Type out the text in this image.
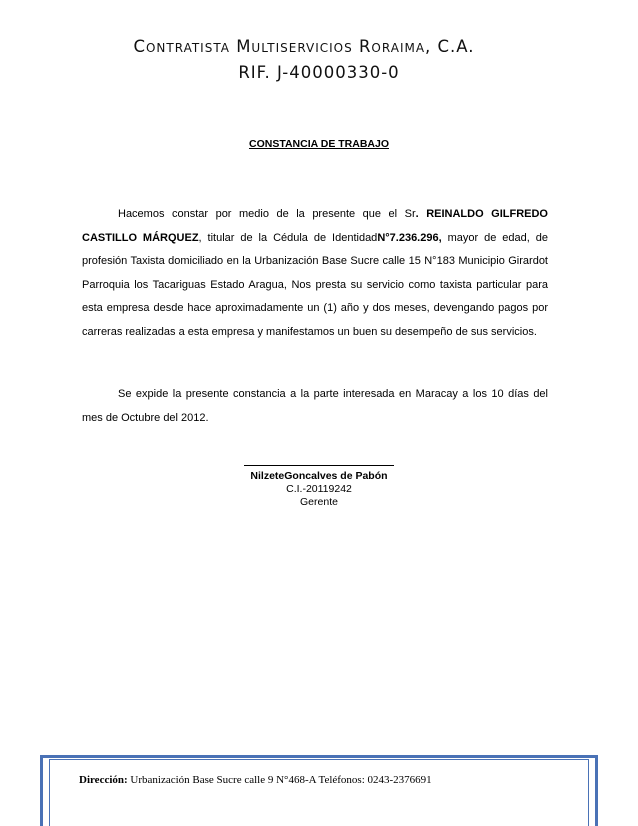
Contratista Multiservicios Roraima, C.A.
RIF. J-40000330-0
CONSTANCIA DE TRABAJO
Hacemos constar por medio de la presente que el Sr. REINALDO GILFREDO CASTILLO MÁRQUEZ, titular de la Cédula de IdentidadN°7.236.296, mayor de edad, de profesión Taxista domiciliado en la Urbanización Base Sucre calle 15 N°183 Municipio Girardot Parroquia los Tacariguas Estado Aragua, Nos presta su servicio como taxista particular para esta empresa desde hace aproximadamente un (1) año y dos meses, devengando pagos por carreras realizadas a esta empresa y manifestamos un buen su desempeño de sus servicios.
Se expide la presente constancia a la parte interesada en Maracay a los 10 días del mes de Octubre del 2012.
NilzeteGoncalves de Pabón
C.I.-20119242
Gerente
Dirección: Urbanización Base Sucre calle 9 N°468-A Teléfonos: 0243-2376691
